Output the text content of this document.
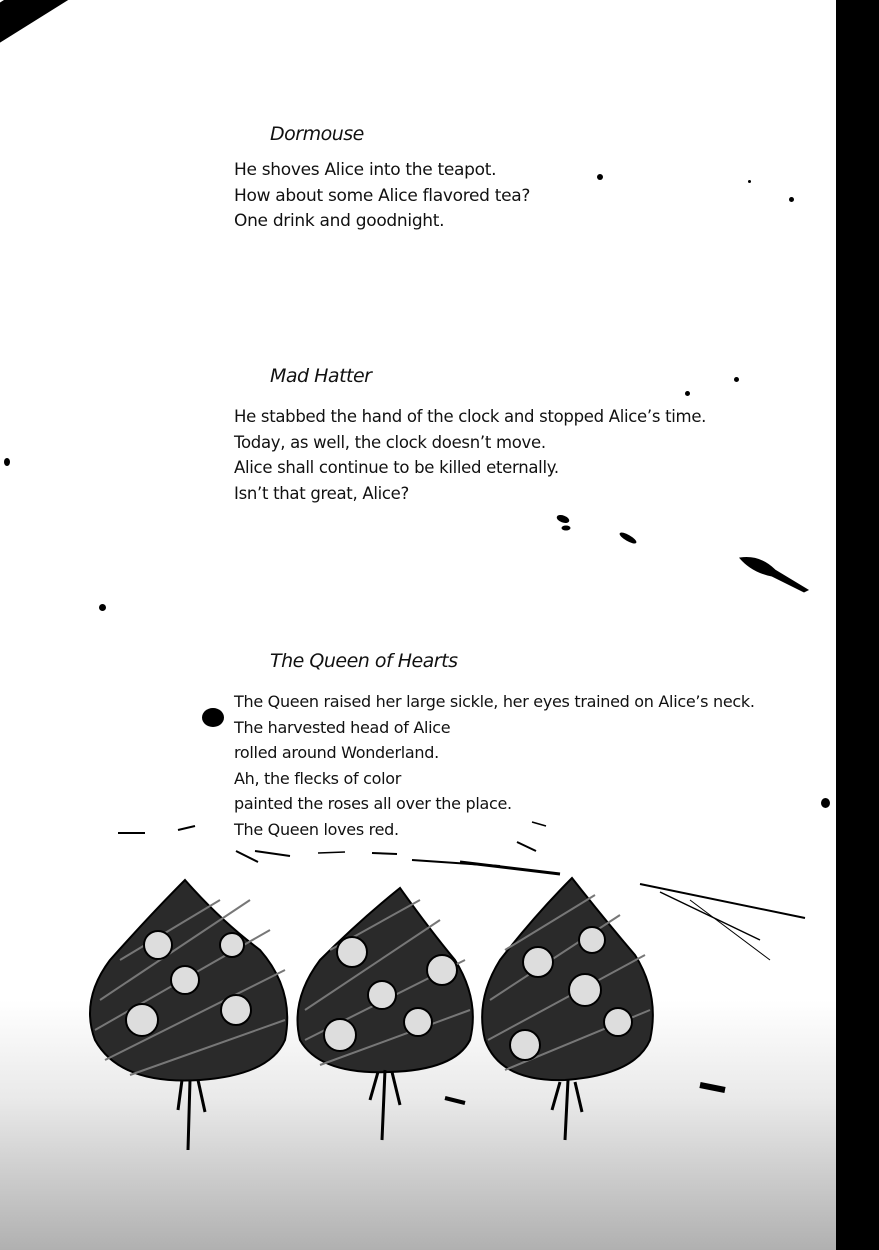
Dormouse
He shoves Alice into the teapot.
How about some Alice flavored tea?
One drink and goodnight.
Mad Hatter
He stabbed the hand of the clock and stopped Alice’s time.
Today, as well, the clock doesn’t move.
Alice shall continue to be killed eternally.
Isn’t that great, Alice?
The Queen of Hearts
The Queen raised her large sickle, her eyes trained on Alice’s neck.
The harvested head of Alice
rolled around Wonderland.
Ah, the flecks of color
painted the roses all over the place.
The Queen loves red.
